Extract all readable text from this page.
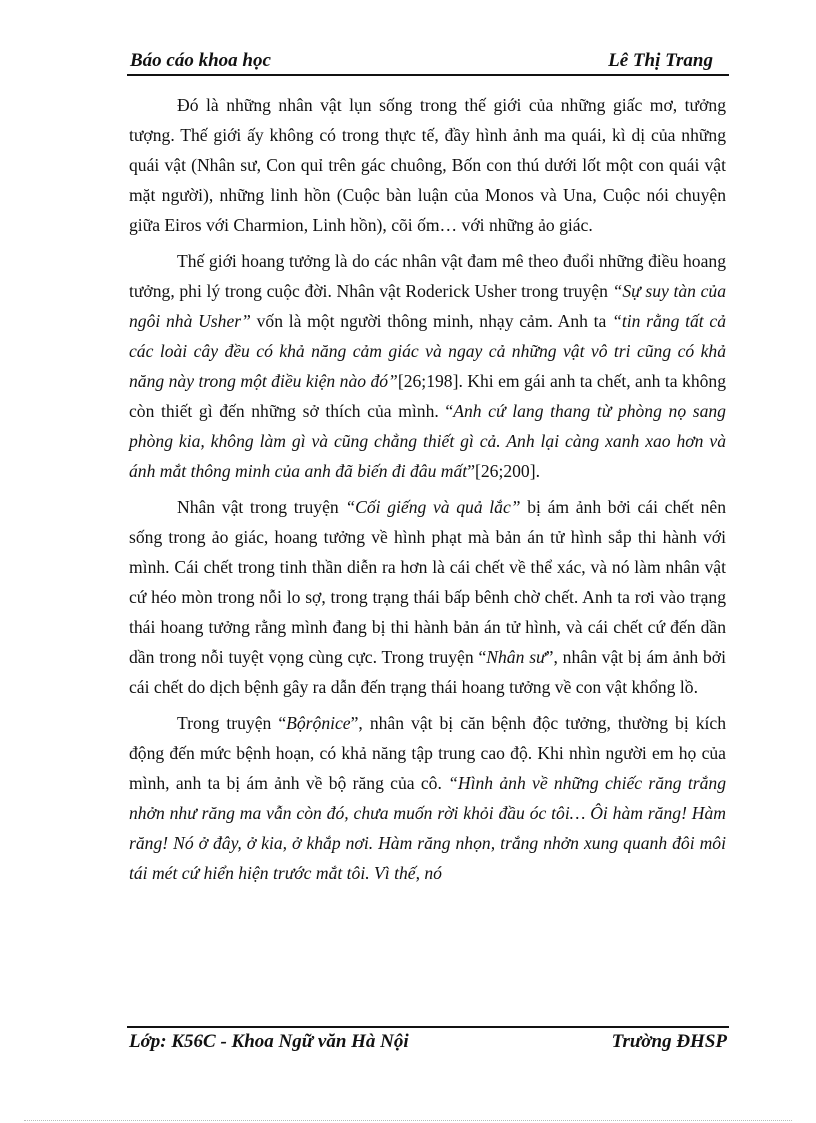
Báo cáo khoa học	Lê Thị Trang

Đó là những nhân vật lụn sống trong thế giới của những giấc mơ, tưởng tượng. Thế giới ấy không có trong thực tế, đầy hình ảnh ma quái, kì dị của những quái vật (Nhân sư, Con quỉ trên gác chuông, Bốn con thú dưới lốt một con quái vật mặt người), những linh hồn (Cuộc bàn luận của Monos và Una, Cuộc nói chuyện giữa Eiros với Charmion, Linh hồn), cõi ốm… với những ảo giác.

Thế giới hoang tưởng là do các nhân vật đam mê theo đuổi những điều hoang tưởng, phi lý trong cuộc đời. Nhân vật Roderick Usher trong truyện “Sự suy tàn của ngôi nhà Usher” vốn là một người thông minh, nhạy cảm. Anh ta “tin rằng tất cả các loài cây đều có khả năng cảm giác và ngay cả những vật vô tri cũng có khả năng này trong một điều kiện nào đó”[26;198]. Khi em gái anh ta chết, anh ta không còn thiết gì đến những sở thích của mình. “Anh cứ lang thang từ phòng nọ sang phòng kia, không làm gì và cũng chẳng thiết gì cả. Anh lại càng xanh xao hơn và ánh mắt thông minh của anh đã biến đi đâu mất”[26;200].

Nhân vật trong truyện “Cối giếng và quả lắc” bị ám ảnh bởi cái chết nên sống trong ảo giác, hoang tưởng về hình phạt mà bản án tử hình sắp thi hành với mình. Cái chết trong tinh thần diễn ra hơn là cái chết về thể xác, và nó làm nhân vật cứ héo mòn trong nỗi lo sợ, trong trạng thái bấp bênh chờ chết. Anh ta rơi vào trạng thái hoang tưởng rằng mình đang bị thi hành bản án tử hình, và cái chết cứ đến dần dần trong nỗi tuyệt vọng cùng cực. Trong truyện “Nhân sư”, nhân vật bị ám ảnh bởi cái chết do dịch bệnh gây ra dẫn đến trạng thái hoang tưởng về con vật khổng lồ.

Trong truyện “Bộrộnice”, nhân vật bị căn bệnh độc tưởng, thường bị kích động đến mức bệnh hoạn, có khả năng tập trung cao độ. Khi nhìn người em họ của mình, anh ta bị ám ảnh về bộ răng của cô. “Hình ảnh về những chiếc răng trắng nhởn như răng ma vẫn còn đó, chưa muốn rời khỏi đầu óc tôi… Ôi hàm răng! Hàm răng! Nó ở đây, ở kia, ở khắp nơi. Hàm răng nhọn, trắng nhởn xung quanh đôi môi tái mét cứ hiển hiện trước mắt tôi. Vì thế, nó

Lớp: K56C - Khoa Ngữ văn Hà Nội	Trường ĐHSP
